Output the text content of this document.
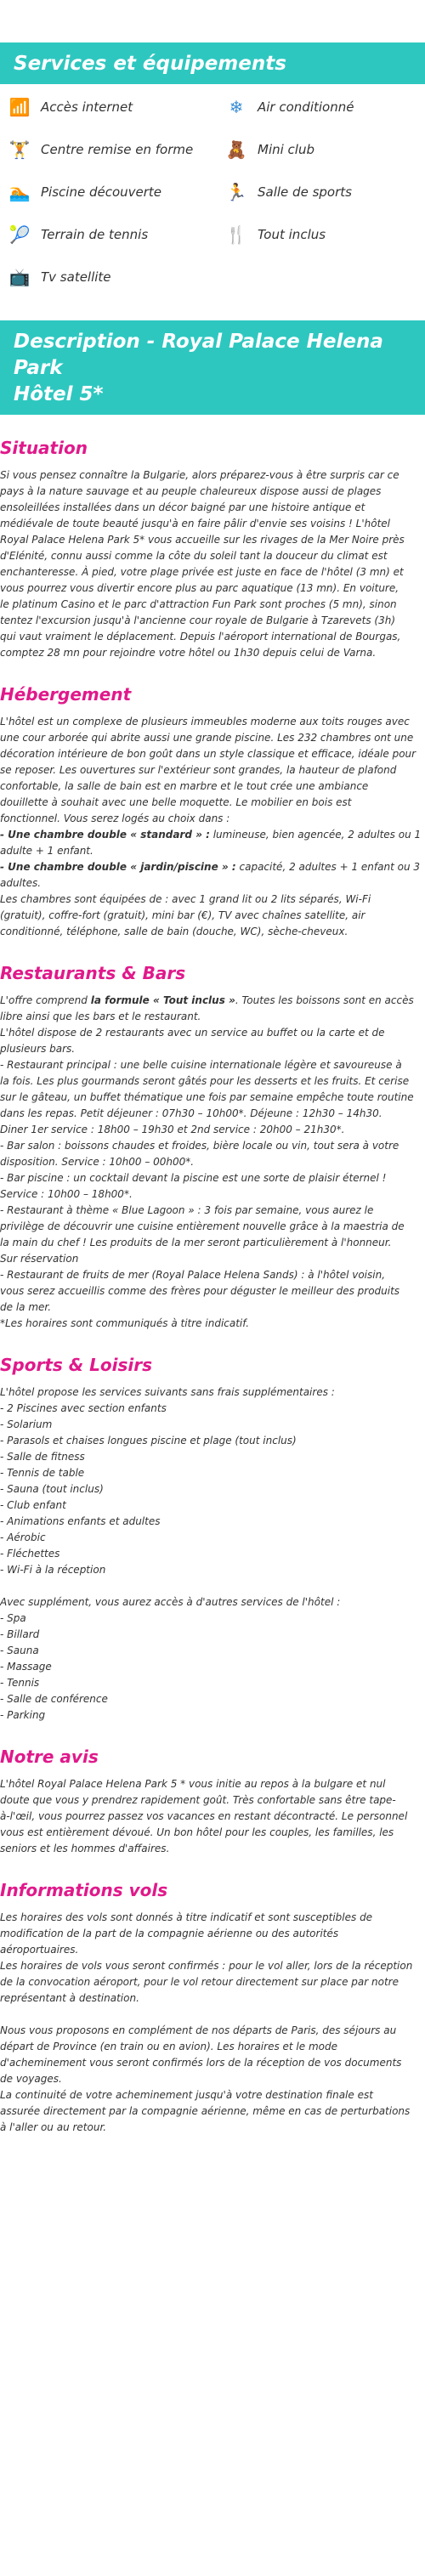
Services et équipements
📶 Accès internet	❄	Air conditionné
🏋 Centre remise en forme 🧸 Mini club
🏊 Piscine découverte	🏃 Salle de sports
🎾 Terrain de tennis	🍴 Tout inclus
📺 Tv satellite
Description - Royal Palace Helena Park
Hôtel 5*
Situation
Si vous pensez connaître la Bulgarie, alors préparez-vous à être surpris car ce
pays à la nature sauvage et au peuple chaleureux dispose aussi de plages
ensoleillées installées dans un décor baigné par une histoire antique et
médiévale de toute beauté jusqu'à en faire pâlir d'envie ses voisins ! L'hôtel
Royal Palace Helena Park 5* vous accueille sur les rivages de la Mer Noire près
d'Elénité, connu aussi comme la côte du soleil tant la douceur du climat est
enchanteresse. À pied, votre plage privée est juste en face de l'hôtel (3 mn) et
vous pourrez vous divertir encore plus au parc aquatique (13 mn). En voiture,
le platinum Casino et le parc d'attraction Fun Park sont proches (5 mn), sinon
tentez l'excursion jusqu'à l'ancienne cour royale de Bulgarie à Tzarevets (3h)
qui vaut vraiment le déplacement. Depuis l'aéroport international de Bourgas,
comptez 28 mn pour rejoindre votre hôtel ou 1h30 depuis celui de Varna.
Hébergement
L'hôtel est un complexe de plusieurs immeubles moderne aux toits rouges avec
une cour arborée qui abrite aussi une grande piscine. Les 232 chambres ont une
décoration intérieure de bon goût dans un style classique et efficace, idéale pour
se reposer. Les ouvertures sur l'extérieur sont grandes, la hauteur de plafond
confortable, la salle de bain est en marbre et le tout crée une ambiance
douillette à souhait avec une belle moquette. Le mobilier en bois est
fonctionnel. Vous serez logés au choix dans :
- Une chambre double « standard » : lumineuse, bien agencée, 2 adultes ou 1
adulte + 1 enfant.
- Une chambre double « jardin/piscine » : capacité, 2 adultes + 1 enfant ou 3
adultes.
Les chambres sont équipées de : avec 1 grand lit ou 2 lits séparés, Wi-Fi
(gratuit), coffre-fort (gratuit), mini bar (€), TV avec chaînes satellite, air
conditionné, téléphone, salle de bain (douche, WC), sèche-cheveux.
Restaurants & Bars
L'offre comprend la formule « Tout inclus ». Toutes les boissons sont en accès
libre ainsi que les bars et le restaurant.
L'hôtel dispose de 2 restaurants avec un service au buffet ou la carte et de
plusieurs bars.
- Restaurant principal : une belle cuisine internationale légère et savoureuse à
la fois. Les plus gourmands seront gâtés pour les desserts et les fruits. Et cerise
sur le gâteau, un buffet thématique une fois par semaine empêche toute routine
dans les repas. Petit déjeuner : 07h30 – 10h00*. Déjeune : 12h30 – 14h30.
Diner 1er service : 18h00 – 19h30 et 2nd service : 20h00 – 21h30*.
- Bar salon : boissons chaudes et froides, bière locale ou vin, tout sera à votre
disposition. Service : 10h00 – 00h00*.
- Bar piscine : un cocktail devant la piscine est une sorte de plaisir éternel !
Service : 10h00 – 18h00*.
- Restaurant à thème « Blue Lagoon » : 3 fois par semaine, vous aurez le
privilège de découvrir une cuisine entièrement nouvelle grâce à la maestria de
la main du chef ! Les produits de la mer seront particulièrement à l'honneur.
Sur réservation
- Restaurant de fruits de mer (Royal Palace Helena Sands) : à l'hôtel voisin,
vous serez accueillis comme des frères pour déguster le meilleur des produits
de la mer.
*Les horaires sont communiqués à titre indicatif.
Sports & Loisirs
L'hôtel propose les services suivants sans frais supplémentaires :
- 2 Piscines avec section enfants
- Solarium
- Parasols et chaises longues piscine et plage (tout inclus)
- Salle de fitness
- Tennis de table
- Sauna (tout inclus)
- Club enfant
- Animations enfants et adultes
- Aérobic
- Fléchettes
- Wi-Fi à la réception
Avec supplément, vous aurez accès à d'autres services de l'hôtel :
- Spa
- Billard
- Sauna
- Massage
- Tennis
- Salle de conférence
- Parking
Notre avis
L'hôtel Royal Palace Helena Park 5 * vous initie au repos à la bulgare et nul
doute que vous y prendrez rapidement goût. Très confortable sans être tape-
à-l'œil, vous pourrez passez vos vacances en restant décontracté. Le personnel
vous est entièrement dévoué. Un bon hôtel pour les couples, les familles, les
seniors et les hommes d'affaires.
Informations vols
Les horaires des vols sont donnés à titre indicatif et sont susceptibles de
modification de la part de la compagnie aérienne ou des autorités
aéroportuaires.
Les horaires de vols vous seront confirmés : pour le vol aller, lors de la réception
de la convocation aéroport, pour le vol retour directement sur place par notre
représentant à destination.
Nous vous proposons en complément de nos départs de Paris, des séjours au
départ de Province (en train ou en avion). Les horaires et le mode
d'acheminement vous seront confirmés lors de la réception de vos documents
de voyages.
La continuité de votre acheminement jusqu'à votre destination finale est
assurée directement par la compagnie aérienne, même en cas de perturbations
à l'aller ou au retour.
